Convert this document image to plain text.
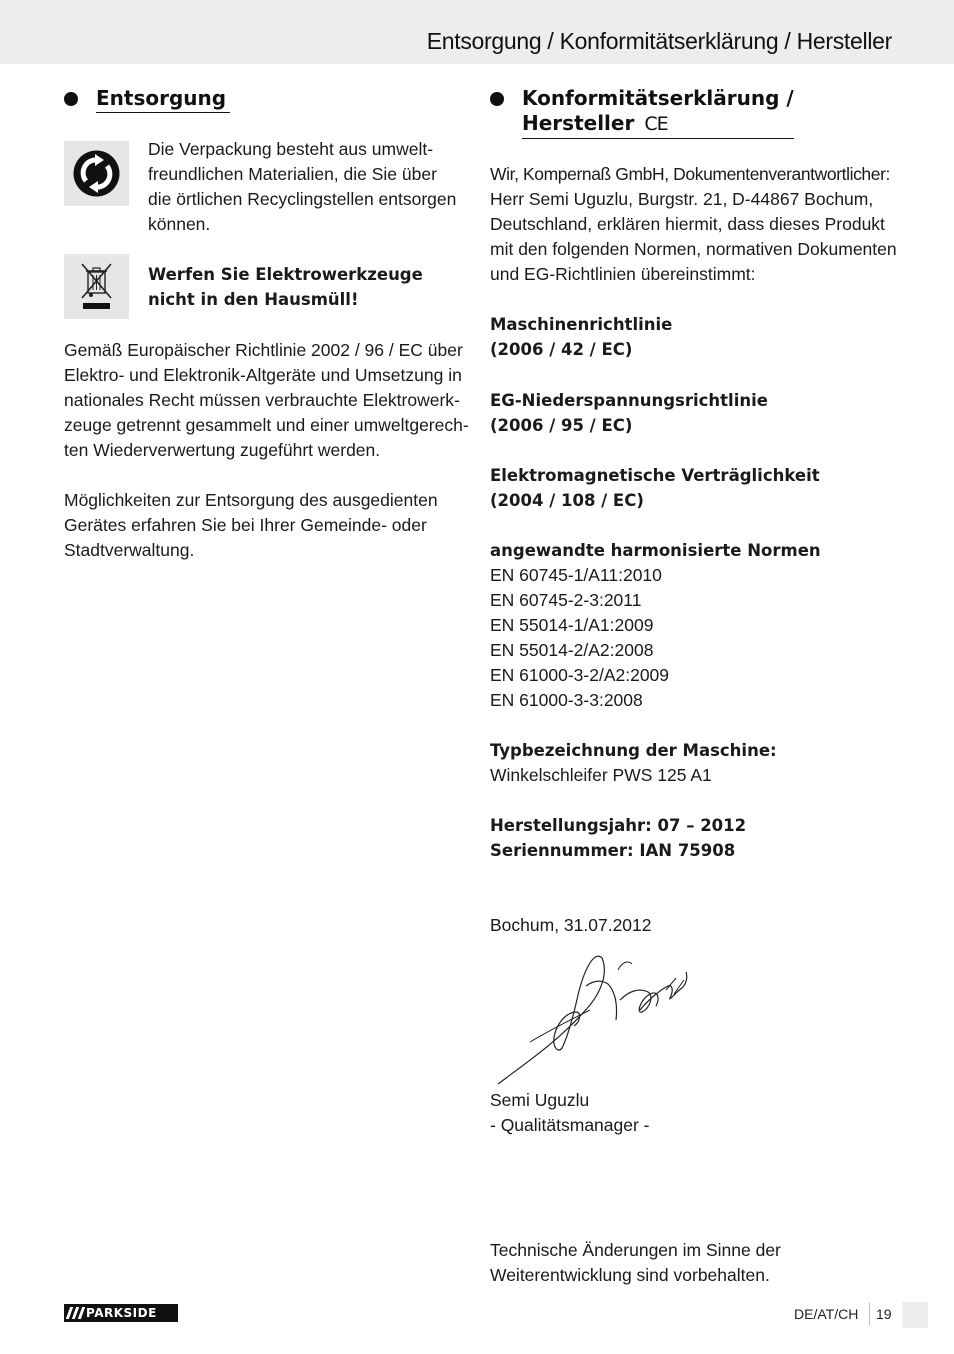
Entsorgung / Konformitätserklärung / Hersteller
Entsorgung
Die Verpackung besteht aus umwelt-
freundlichen Materialien, die Sie über
die örtlichen Recyclingstellen entsorgen
können.
Werfen Sie Elektrowerkzeuge
nicht in den Hausmüll!
Gemäß Europäischer Richtlinie 2002 / 96 / EC über
Elektro- und Elektronik-Altgeräte und Umsetzung in
nationales Recht müssen verbrauchte Elektrowerk-
zeuge getrennt gesammelt und einer umweltgerech-
ten Wiederverwertung zugeführt werden.
Möglichkeiten zur Entsorgung des ausgedienten
Gerätes erfahren Sie bei Ihrer Gemeinde- oder
Stadtverwaltung.
Konformitätserklärung /
Hersteller CE
Wir, Kompernaß GmbH, Dokumentenverantwortlicher:
Herr Semi Uguzlu, Burgstr. 21, D-44867 Bochum,
Deutschland, erklären hiermit, dass dieses Produkt
mit den folgenden Normen, normativen Dokumenten
und EG-Richtlinien übereinstimmt:
Maschinenrichtlinie
(2006 / 42 / EC)
EG-Niederspannungsrichtlinie
(2006 / 95 / EC)
Elektromagnetische Verträglichkeit
(2004 / 108 / EC)
angewandte harmonisierte Normen
EN 60745-1/A11:2010
EN 60745-2-3:2011
EN 55014-1/A1:2009
EN 55014-2/A2:2008
EN 61000-3-2/A2:2009
EN 61000-3-3:2008
Typbezeichnung der Maschine:
Winkelschleifer PWS 125 A1
Herstellungsjahr: 07 – 2012
Seriennummer: IAN 75908
Bochum, 31.07.2012
Semi Uguzlu
- Qualitätsmanager -
Technische Änderungen im Sinne der
Weiterentwicklung sind vorbehalten.
PARKSIDE	DE/AT/CH 19
